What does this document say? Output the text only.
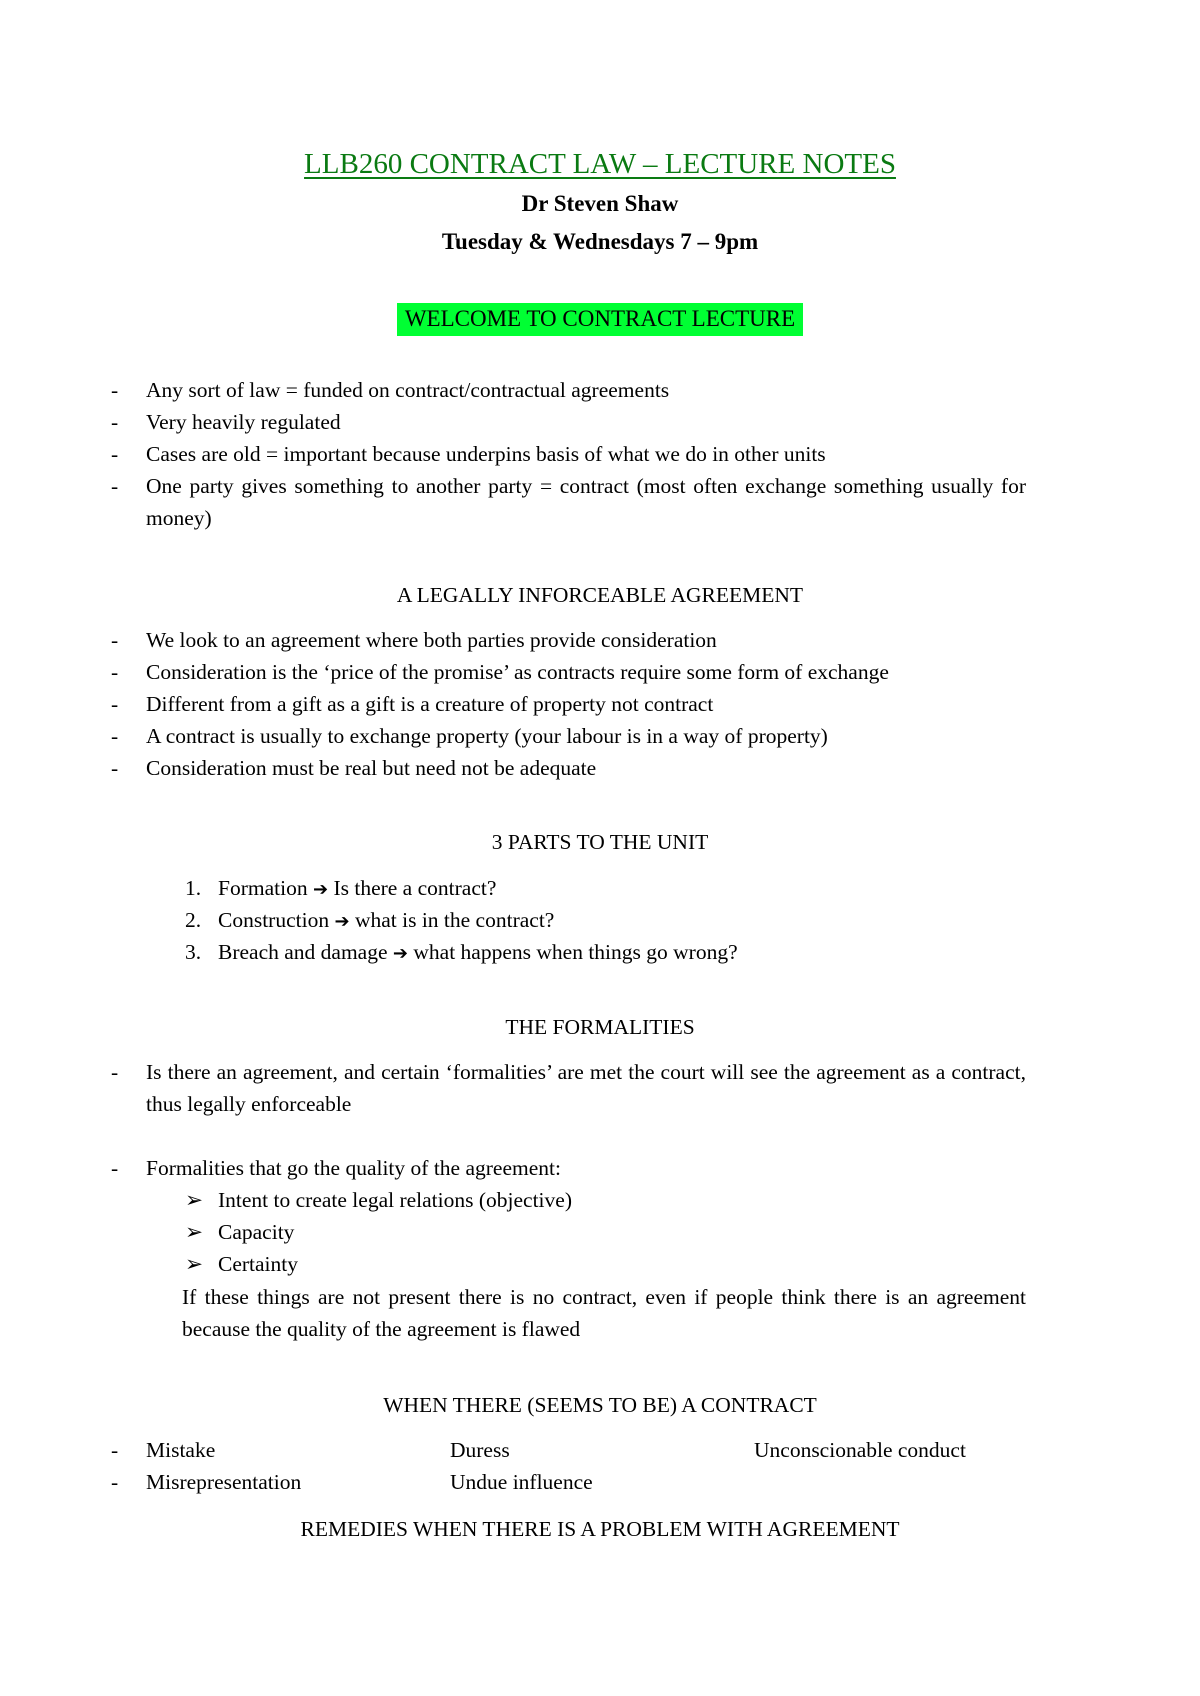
LLB260 CONTRACT LAW – LECTURE NOTES
Dr Steven Shaw
Tuesday & Wednesdays 7 – 9pm
WELCOME TO CONTRACT LECTURE
- Any sort of law = funded on contract/contractual agreements
- Very heavily regulated
- Cases are old = important because underpins basis of what we do in other units
- One party gives something to another party = contract (most often exchange something usually for money)
A LEGALLY INFORCEABLE AGREEMENT
- We look to an agreement where both parties provide consideration
- Consideration is the ‘price of the promise’ as contracts require some form of exchange
- Different from a gift as a gift is a creature of property not contract
- A contract is usually to exchange property (your labour is in a way of property)
- Consideration must be real but need not be adequate
3 PARTS TO THE UNIT
1. Formation ➔ Is there a contract?
2. Construction ➔ what is in the contract?
3. Breach and damage ➔ what happens when things go wrong?
THE FORMALITIES
- Is there an agreement, and certain ‘formalities’ are met the court will see the agreement as a contract, thus legally enforceable
- Formalities that go the quality of the agreement:
➢ Intent to create legal relations (objective)
➢ Capacity
➢ Certainty
If these things are not present there is no contract, even if people think there is an agreement because the quality of the agreement is flawed
WHEN THERE (SEEMS TO BE) A CONTRACT
- Mistake	Duress	Unconscionable conduct
- Misrepresentation	Undue influence
REMEDIES WHEN THERE IS A PROBLEM WITH AGREEMENT
